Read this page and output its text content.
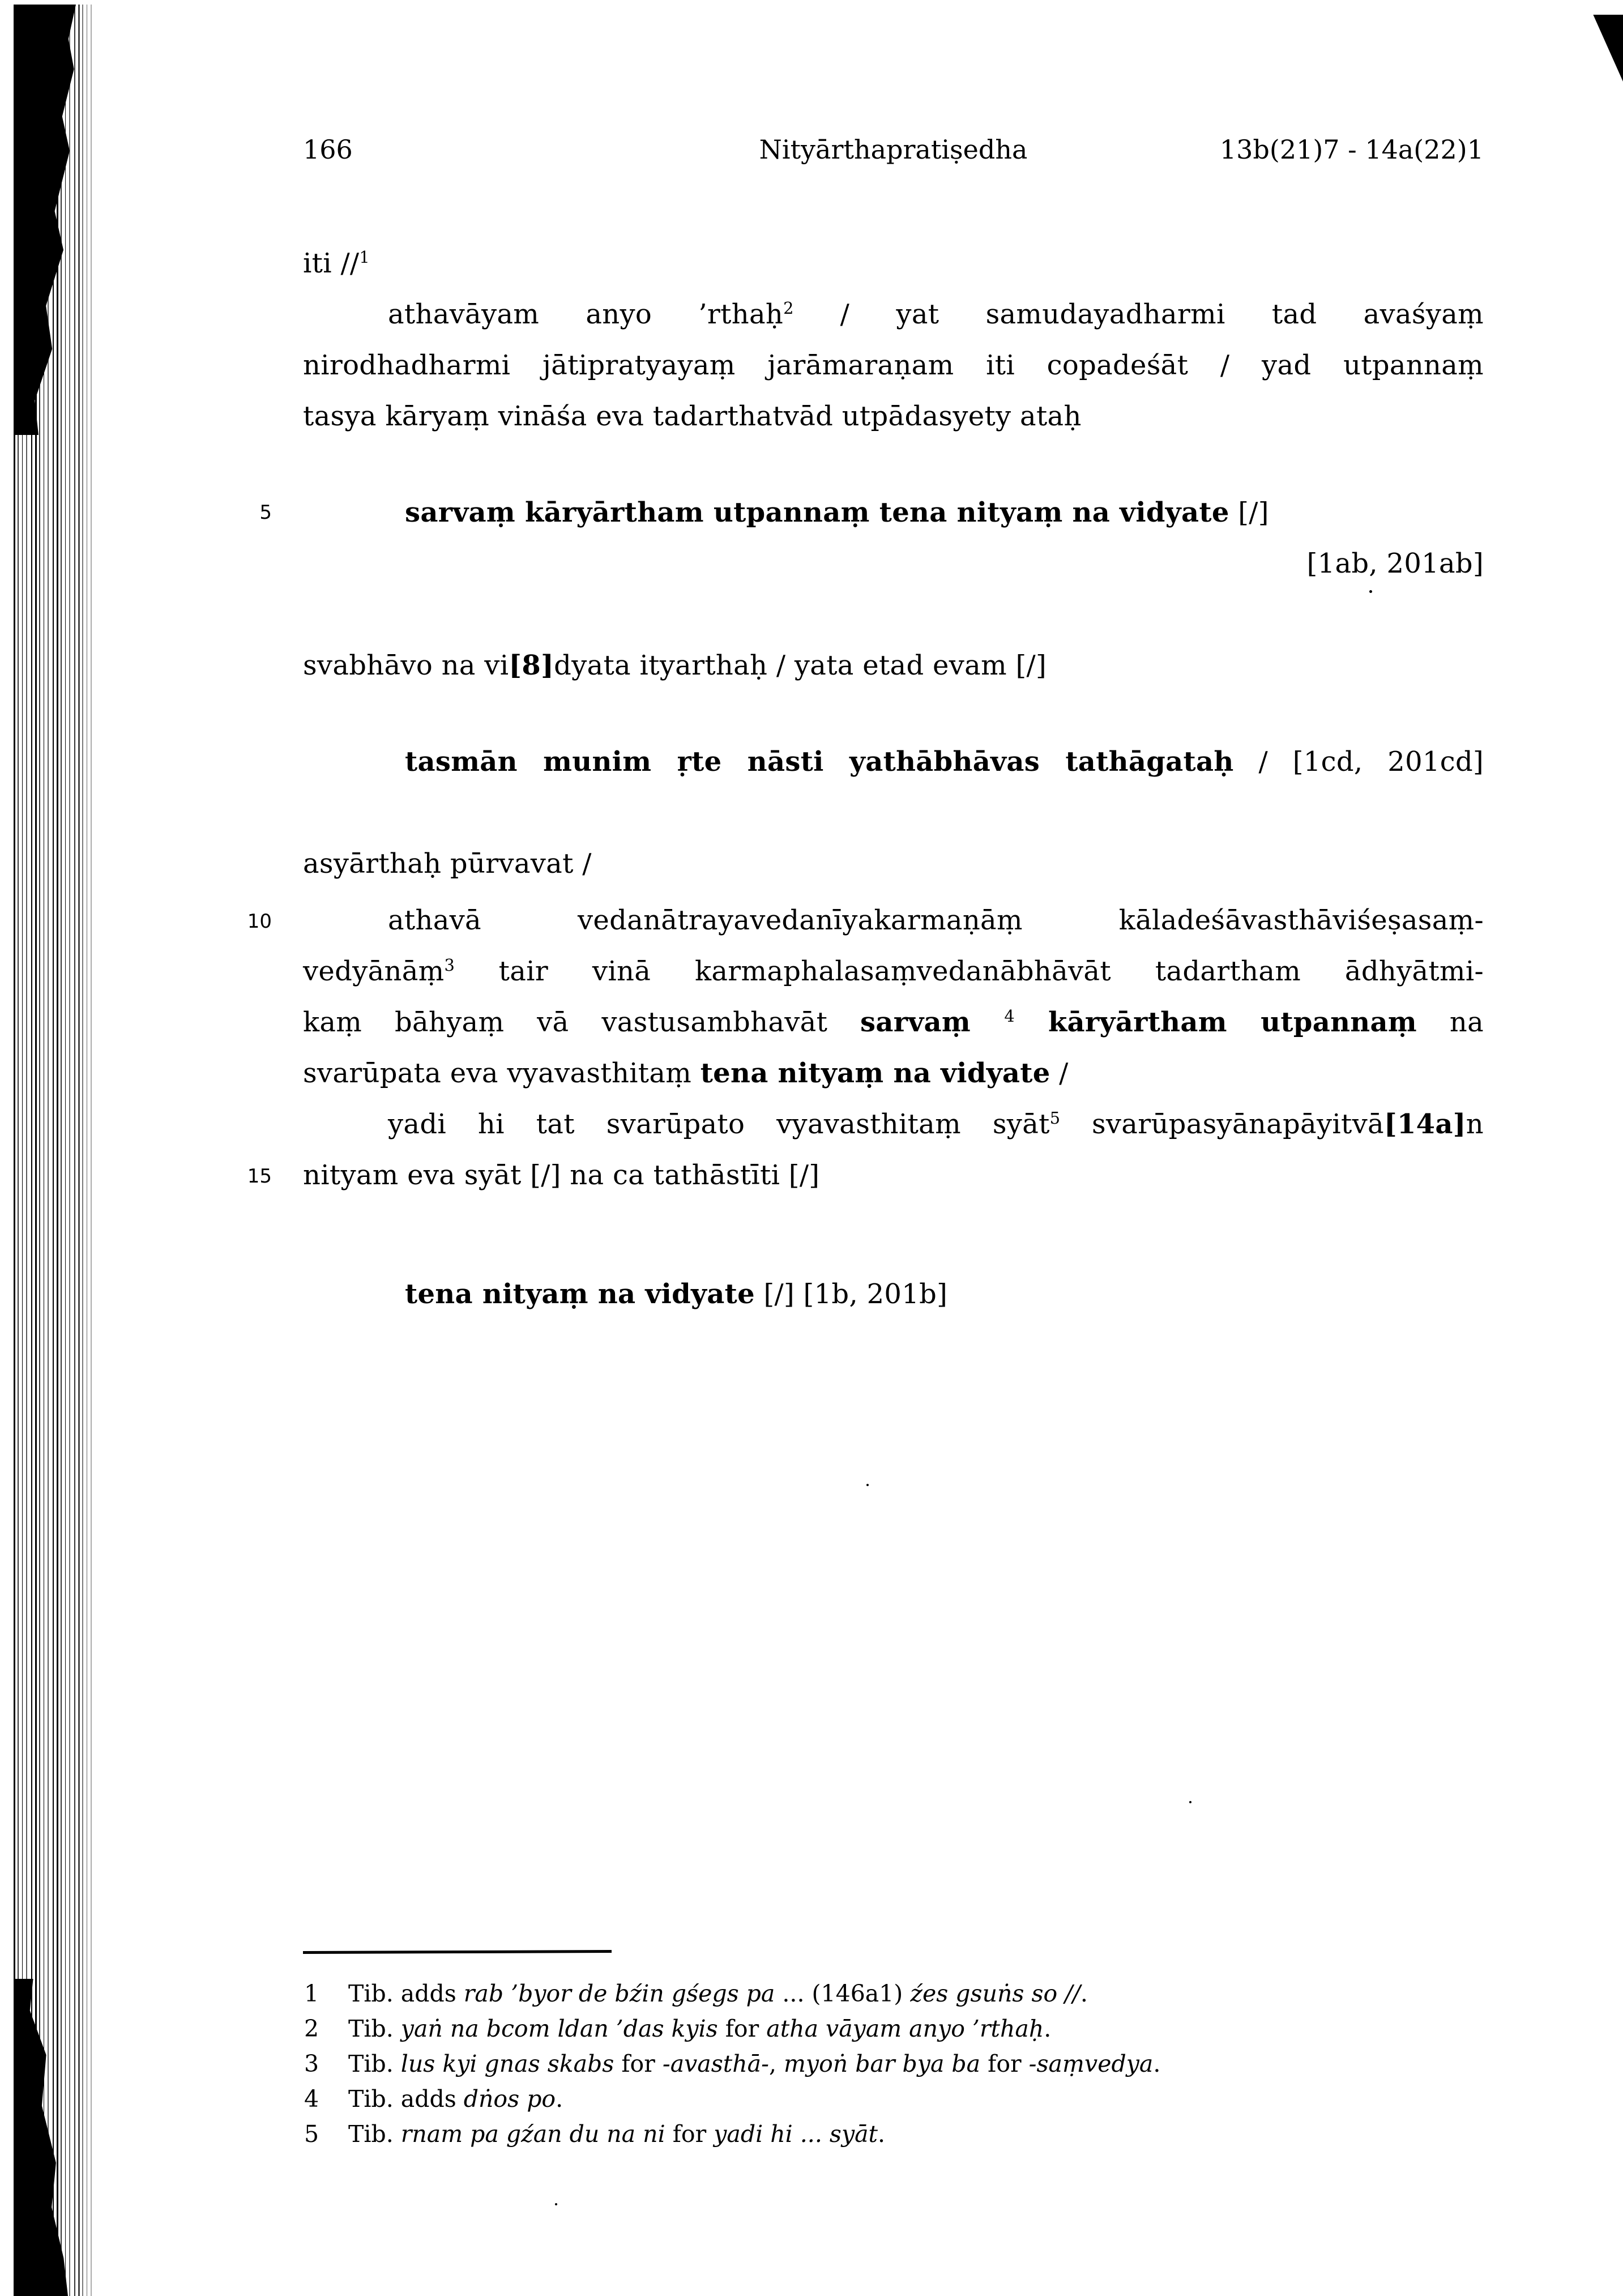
166	Nityārthapratiṣedha	13b(21)7 - 14a(22)1
5
10
15
iti //$^1$
athavāyam anyo ’rthaḥ$^2$ / yat samudayadharmi tad avaśyaṃ
nirodhadharmi jātipratyayaṃ jarāmaraṇam iti copadeśāt / yad utpannaṃ
tasya kāryaṃ vināśa eva tadarthatvād utpādasyety ataḥ
sarvaṃ kāryārtham utpannaṃ tena nityaṃ na vidyate [/]
[1ab, 201ab]
svabhāvo na vi[8]dyata ityarthaḥ / yata etad evam [/]
tasmān munim ṛte nāsti yathābhāvas tathāgataḥ / [1cd, 201cd]
asyārthaḥ pūrvavat /
athavā vedanātrayavedanīyakarmaṇāṃ kāladeśāvasthāviśeṣasaṃ-
vedyānāṃ$^3$ tair vinā karmaphalasaṃvedanābhāvāt tadartham ādhyātmi-
kaṃ bāhyaṃ vā vastusambhavāt sarvaṃ $^4$ kāryārtham utpannaṃ na
svarūpata eva vyavasthitaṃ tena nityaṃ na vidyate /
yadi hi tat svarūpato vyavasthitaṃ syāt$^5$ svarūpasyānapāyitvā[14a]n
nityam eva syāt [/] na ca tathāstīti [/]
tena nityaṃ na vidyate [/] [1b, 201b]
1 Tib. adds rab ’byor de bźin gśegs pa ... (146a1) źes gsuṅs so //.
2 Tib. yaṅ na bcom ldan ’das kyis for atha vāyam anyo ’rthaḥ.
3 Tib. lus kyi gnas skabs for -avasthā-, myoṅ bar bya ba for -saṃvedya.
4 Tib. adds dṅos po.
5 Tib. rnam pa gźan du na ni for yadi hi ... syāt.
